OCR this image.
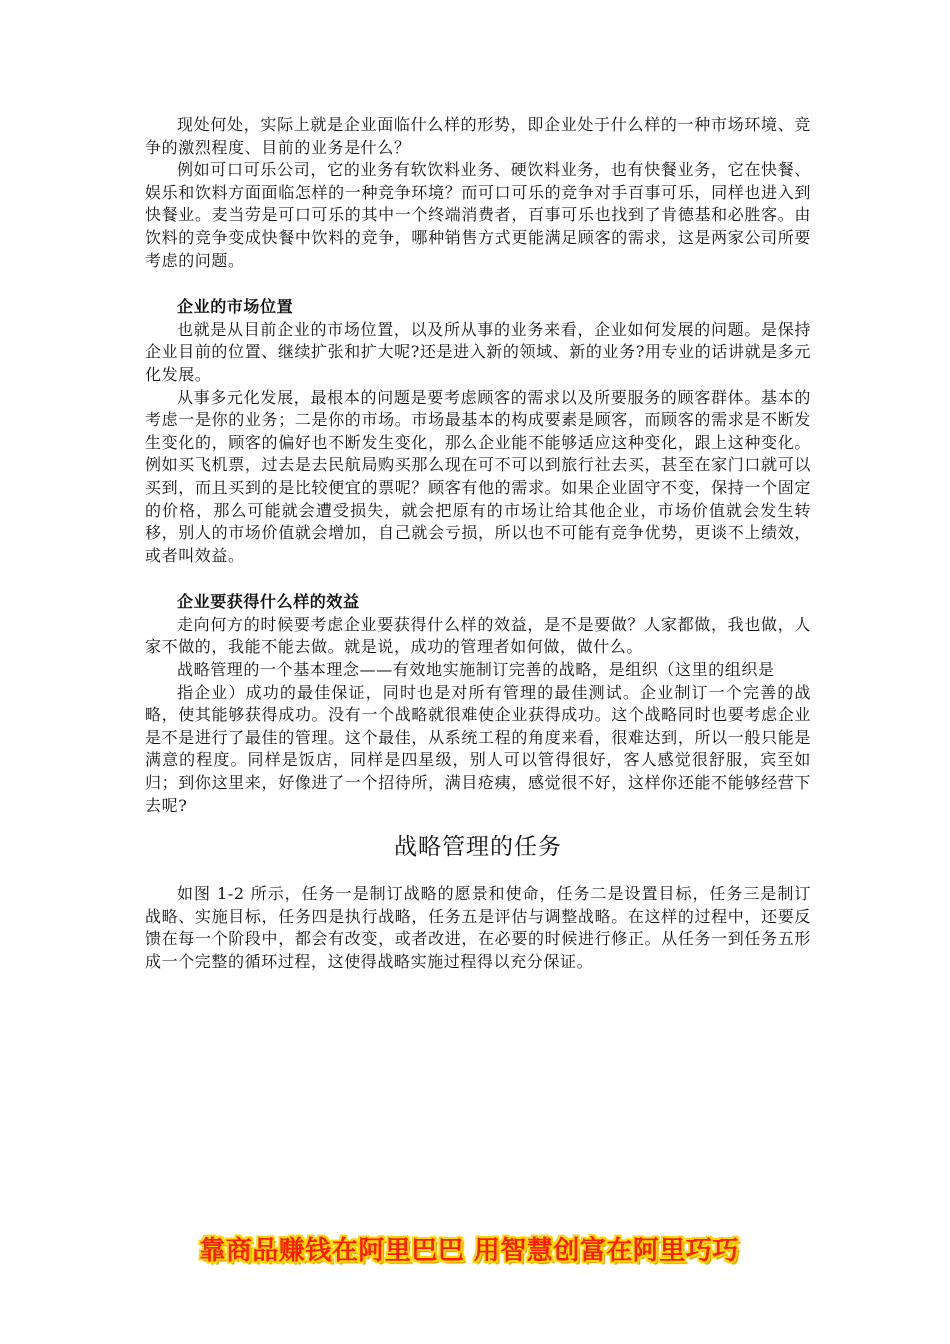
现处何处，实际上就是企业面临什么样的形势，即企业处于什么样的一种市场环境、竞争的激烈程度、目前的业务是什么？

例如可口可乐公司，它的业务有软饮料业务、硬饮料业务，也有快餐业务，它在快餐、娱乐和饮料方面面临怎样的一种竞争环境？而可口可乐的竞争对手百事可乐，同样也进入到快餐业。麦当劳是可口可乐的其中一个终端消费者，百事可乐也找到了肯德基和必胜客。由饮料的竞争变成快餐中饮料的竞争，哪种销售方式更能满足顾客的需求，这是两家公司所要考虑的问题。

企业的市场位置

也就是从目前企业的市场位置，以及所从事的业务来看，企业如何发展的问题。是保持企业目前的位置、继续扩张和扩大呢?还是进入新的领域、新的业务?用专业的话讲就是多元化发展。

从事多元化发展，最根本的问题是要考虑顾客的需求以及所要服务的顾客群体。基本的考虑一是你的业务；二是你的市场。市场最基本的构成要素是顾客，而顾客的需求是不断发生变化的，顾客的偏好也不断发生变化，那么企业能不能够适应这种变化，跟上这种变化。例如买飞机票，过去是去民航局购买那么现在可不可以到旅行社去买，甚至在家门口就可以买到，而且买到的是比较便宜的票呢？顾客有他的需求。如果企业固守不变，保持一个固定的价格，那么可能就会遭受损失，就会把原有的市场让给其他企业，市场价值就会发生转移，别人的市场价值就会增加，自己就会亏损，所以也不可能有竞争优势，更谈不上绩效，或者叫效益。

企业要获得什么样的效益

走向何方的时候要考虑企业要获得什么样的效益，是不是要做？人家都做，我也做，人家不做的，我能不能去做。就是说，成功的管理者如何做，做什么。

战略管理的一个基本理念——有效地实施制订完善的战略，是组织（这里的组织是

指企业）成功的最佳保证，同时也是对所有管理的最佳测试。企业制订一个完善的战略，使其能够获得成功。没有一个战略就很难使企业获得成功。这个战略同时也要考虑企业是不是进行了最佳的管理。这个最佳，从系统工程的角度来看，很难达到，所以一般只能是满意的程度。同样是饭店，同样是四星级，别人可以管得很好，客人感觉很舒服，宾至如归；到你这里来，好像进了一个招待所，满目疮痍，感觉很不好，这样你还能不能够经营下去呢?

战略管理的任务

如图 1-2 所示，任务一是制订战略的愿景和使命，任务二是设置目标，任务三是制订战略、实施目标，任务四是执行战略，任务五是评估与调整战略。在这样的过程中，还要反馈在每一个阶段中，都会有改变，或者改进，在必要的时候进行修正。从任务一到任务五形成一个完整的循环过程，这使得战略实施过程得以充分保证。

靠商品赚钱在阿里巴巴 用智慧创富在阿里巧巧
